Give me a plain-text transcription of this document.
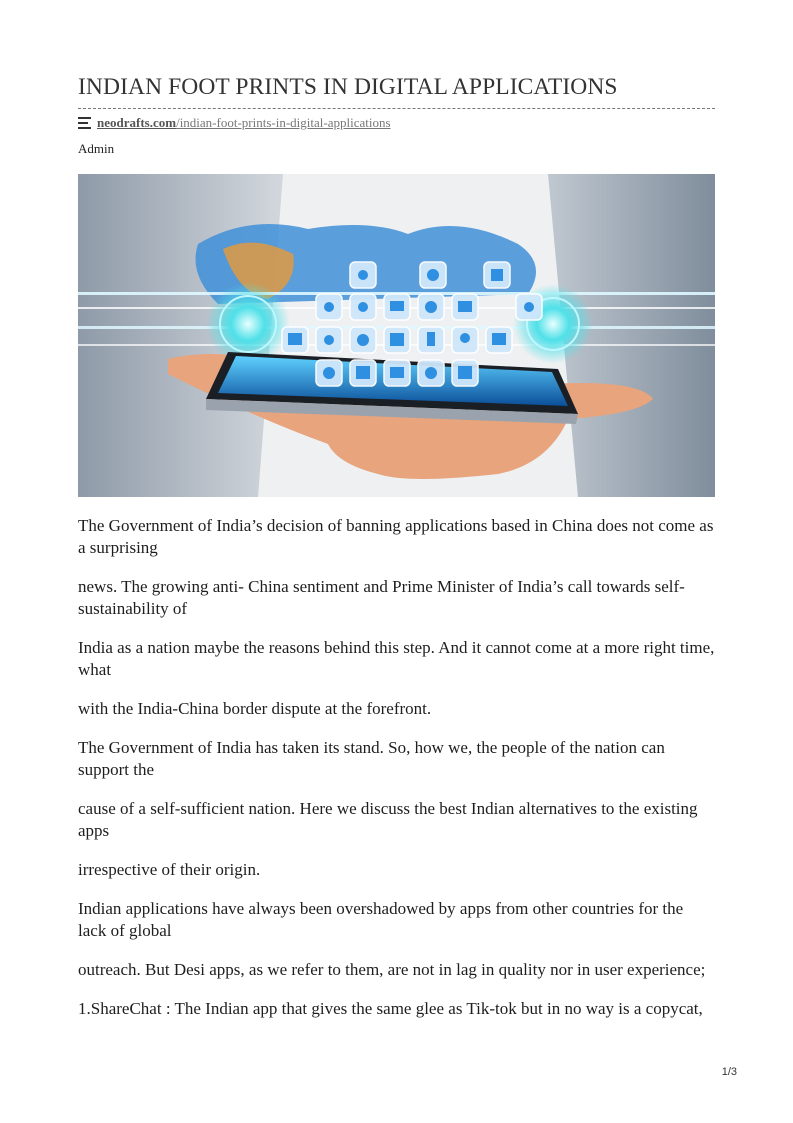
INDIAN FOOT PRINTS IN DIGITAL APPLICATIONS
neodrafts.com /indian-foot-prints-in-digital-applications
Admin

The Government of India’s decision of banning applications based in China does not come as a surprising

news. The growing anti- China sentiment and Prime Minister of India’s call towards self-sustainability of

India as a nation maybe the reasons behind this step. And it cannot come at a more right time, what

with the India-China border dispute at the forefront.

The Government of India has taken its stand. So, how we, the people of the nation can support the

cause of a self-sufficient nation. Here we discuss the best Indian alternatives to the existing apps

irrespective of their origin.

Indian applications have always been overshadowed by apps from other countries for the lack of global

outreach. But Desi apps, as we refer to them, are not in lag in quality nor in user experience;

1.ShareChat : The Indian app that gives the same glee as Tik-tok but in no way is a copycat,

1/3
